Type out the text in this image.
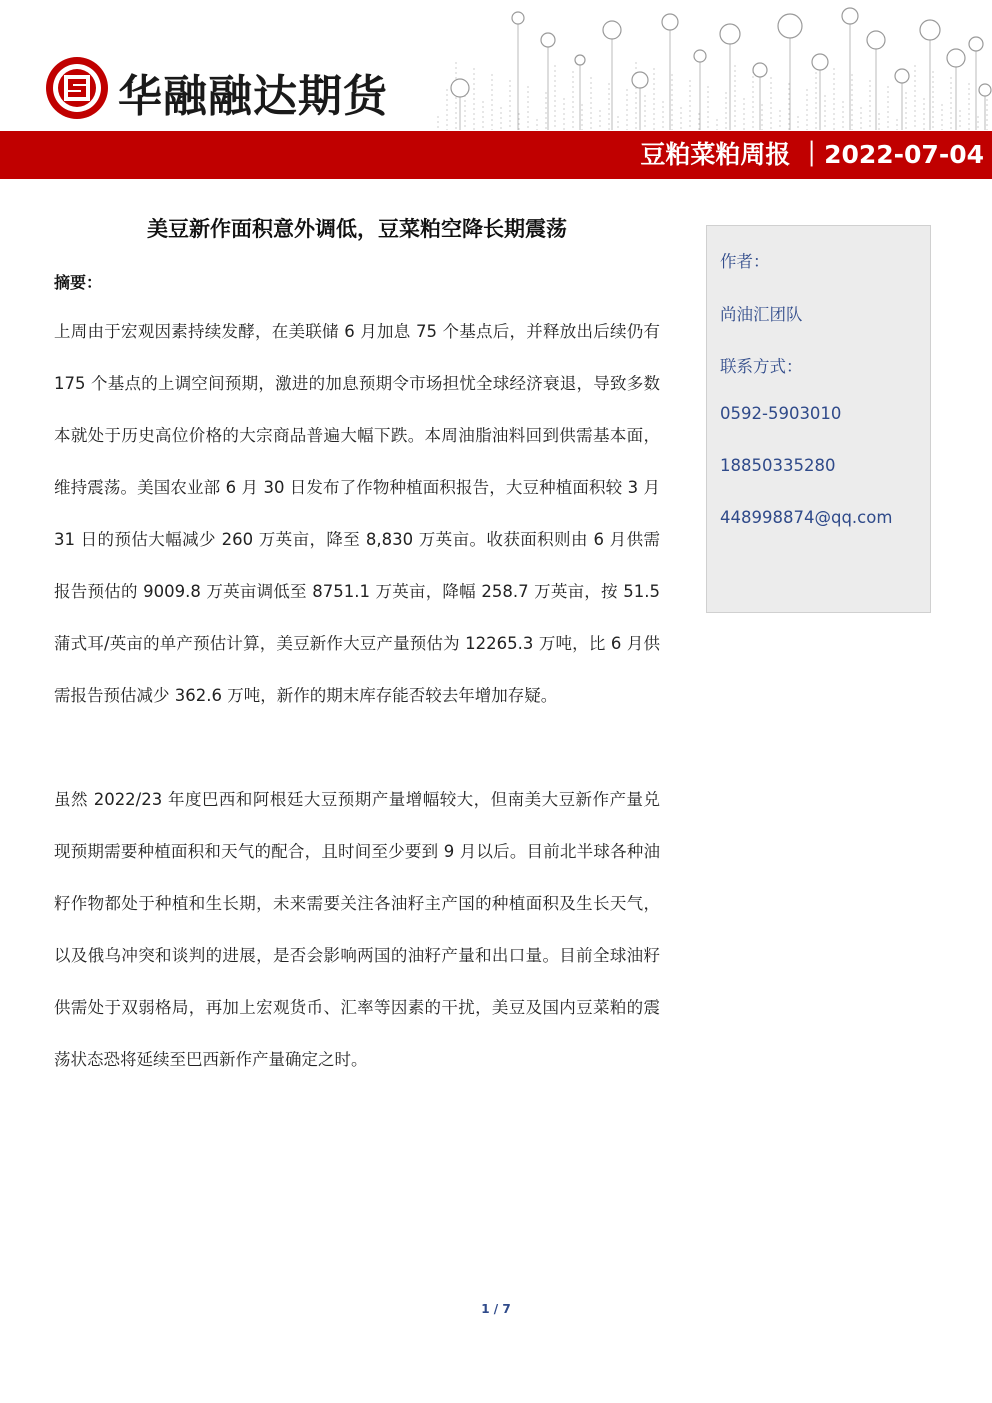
华融融达期货
豆粕菜粕周报 ｜2022-07-04
美豆新作面积意外调低，豆菜粕空降长期震荡
摘要：

上周由于宏观因素持续发酵，在美联储 6 月加息 75 个基点后，并释放出后续仍有 175 个基点的上调空间预期，激进的加息预期令市场担忧全球经济衰退，导致多数本就处于历史高位价格的大宗商品普遍大幅下跌。本周油脂油料回到供需基本面，维持震荡。美国农业部 6 月 30 日发布了作物种植面积报告，大豆种植面积较 3 月 31 日的预估大幅减少 260 万英亩，降至 8,830 万英亩。收获面积则由 6 月供需报告预估的 9009.8 万英亩调低至 8751.1 万英亩，降幅 258.7 万英亩，按 51.5 蒲式耳/英亩的单产预估计算，美豆新作大豆产量预估为 12265.3 万吨，比 6 月供需报告预估减少 362.6 万吨，新作的期末库存能否较去年增加存疑。

虽然 2022/23 年度巴西和阿根廷大豆预期产量增幅较大，但南美大豆新作产量兑现预期需要种植面积和天气的配合，且时间至少要到 9 月以后。目前北半球各种油籽作物都处于种植和生长期，未来需要关注各油籽主产国的种植面积及生长天气，以及俄乌冲突和谈判的进展，是否会影响两国的油籽产量和出口量。目前全球油籽供需处于双弱格局，再加上宏观货币、汇率等因素的干扰，美豆及国内豆菜粕的震荡状态恐将延续至巴西新作产量确定之时。

作者：
尚油汇团队
联系方式：
0592-5903010
18850335280
448998874@qq.com
1 / 7
